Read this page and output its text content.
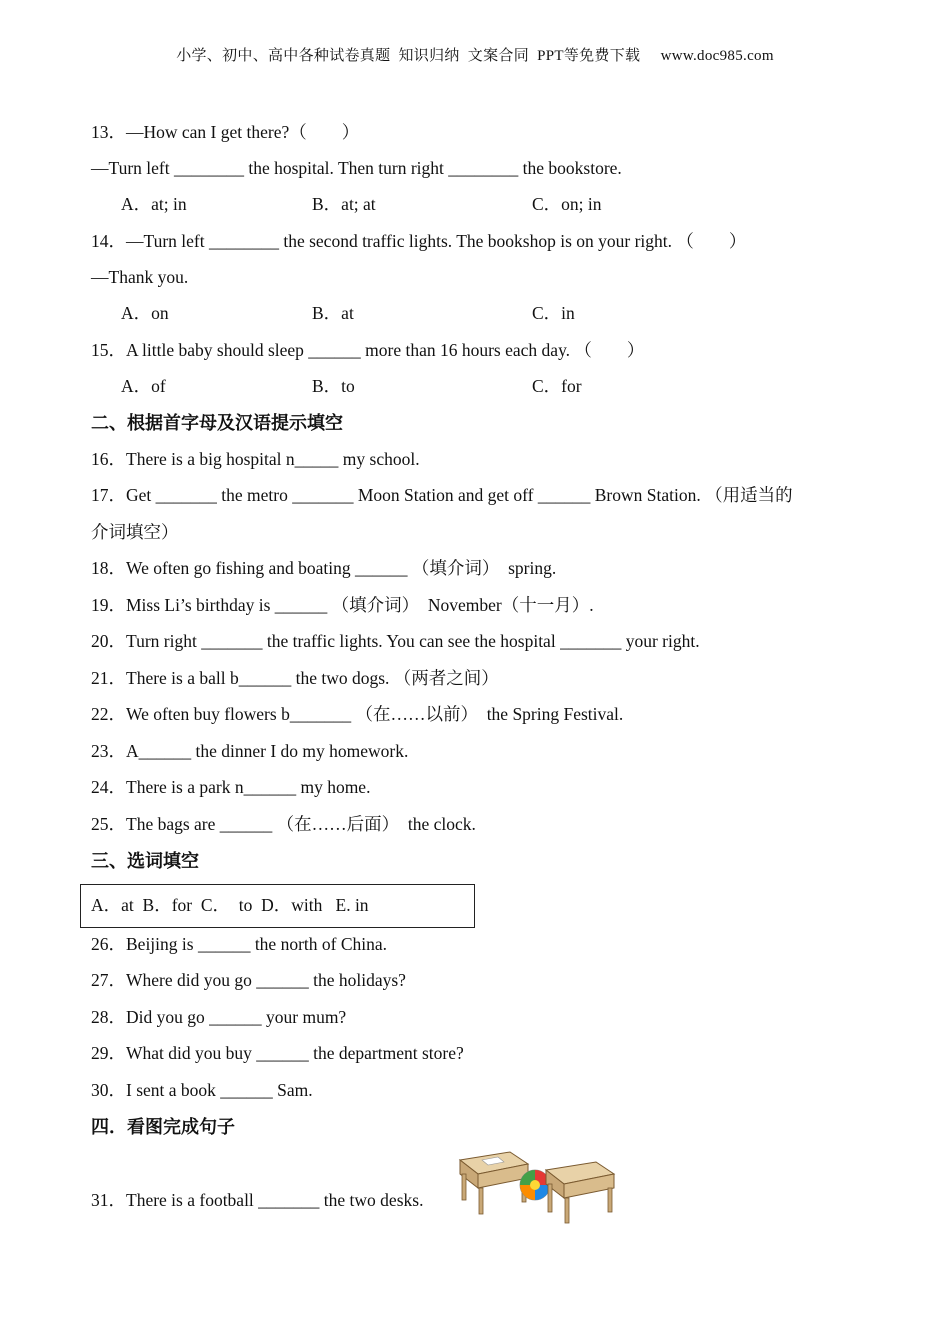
小学、初中、高中各种试卷真题  知识归纳  文案合同  PPT等免费下载     www.doc985.com
13．—How can I get there?（　　）
—Turn left ________ the hospital. Then turn right ________ the bookstore.
A．at; in	B．at; at	C．on; in
14．—Turn left ________ the second traffic lights. The bookshop is on your right. （　　）
—Thank you.
A．on	B．at	C．in
15．A little baby should sleep ______ more than 16 hours each day. （　　）
A．of	B．to	C．for
二、根据首字母及汉语提示填空
16．There is a big hospital n_____ my school.
17．Get _______ the metro _______ Moon Station and get off ______ Brown Station. （用适当的
介词填空）
18．We often go fishing and boating ______ （填介词）  spring.
19．Miss Li’s birthday is ______ （填介词）  November（十一月）.
20．Turn right _______ the traffic lights. You can see the hospital _______ your right.
21．There is a ball b______ the two dogs. （两者之间）
22．We often buy flowers b_______ （在……以前）  the Spring Festival.
23．A______ the dinner I do my homework.
24．There is a park n______ my home.
25．The bags are ______ （在……后面）  the clock.
三、选词填空
A．at  B．for  C．  to  D．with   E. in
26．Beijing is ______ the north of China.
27．Where did you go ______ the holidays?
28．Did you go ______ your mum?
29．What did you buy ______ the department store?
30．I sent a book ______ Sam.
四．看图完成句子
31．There is a football _______ the two desks.
